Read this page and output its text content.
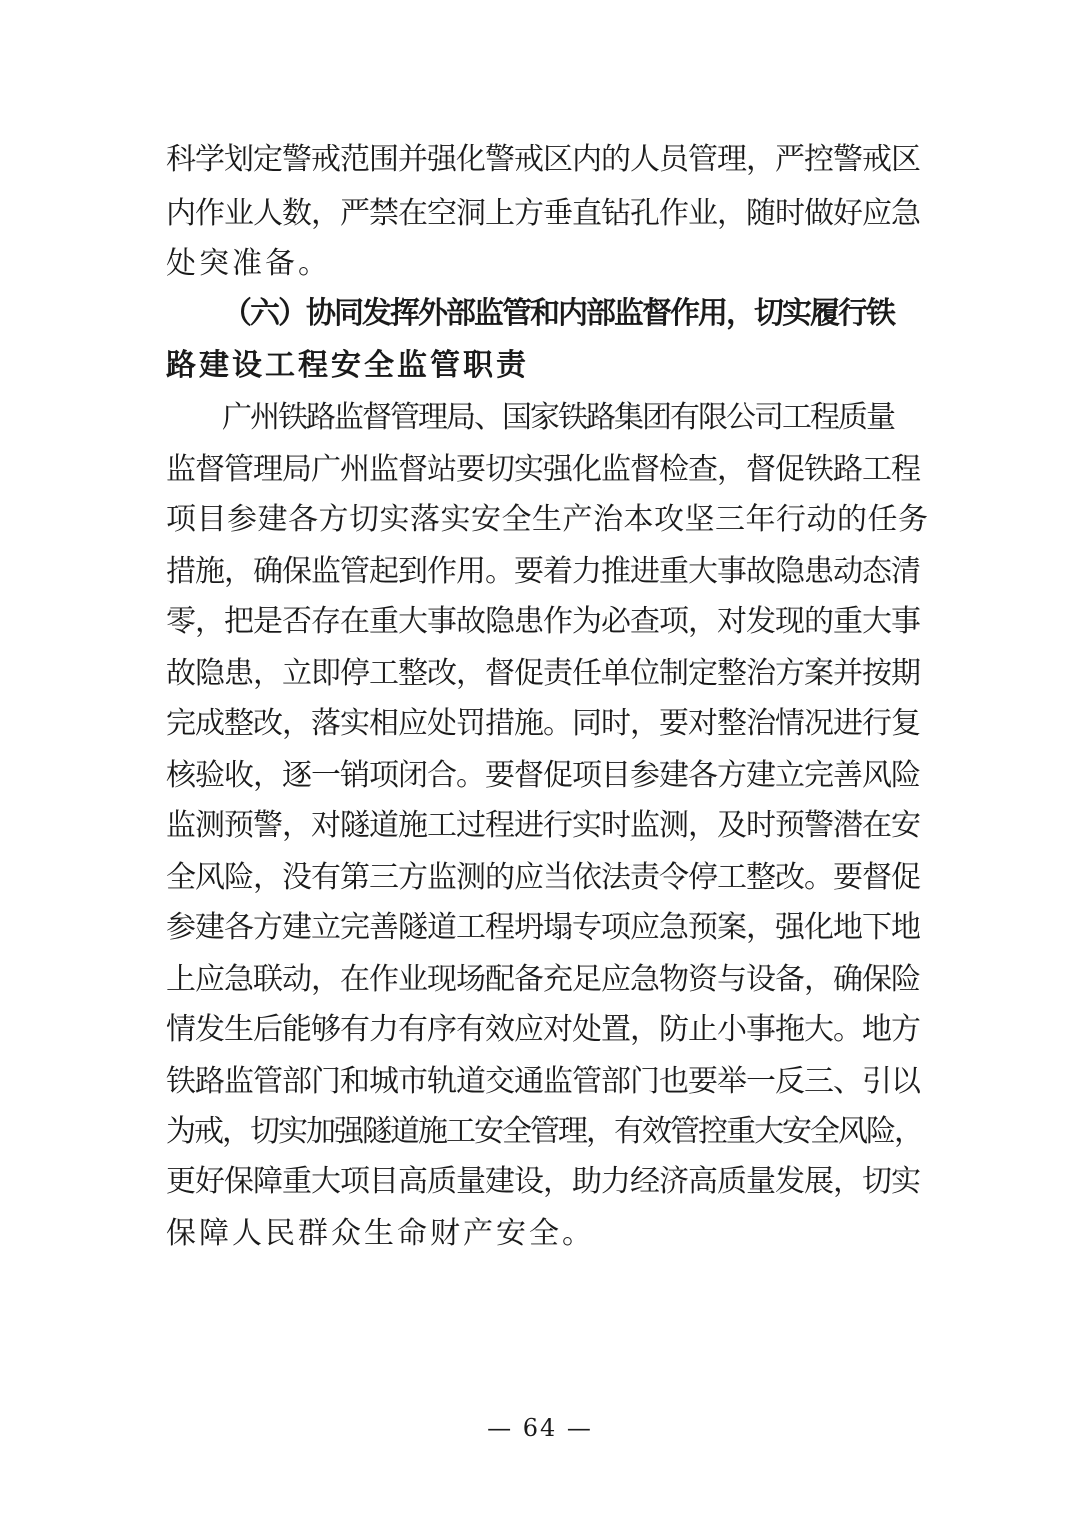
科学划定警戒范围并强化警戒区内的人员管理，严控警戒区
内作业人数，严禁在空洞上方垂直钻孔作业，随时做好应急
处突准备。
（六）协同发挥外部监管和内部监督作用，切实履行铁
路建设工程安全监管职责
广州铁路监督管理局、国家铁路集团有限公司工程质量
监督管理局广州监督站要切实强化监督检查，督促铁路工程
项目参建各方切实落实安全生产治本攻坚三年行动的任务
措施，确保监管起到作用。要着力推进重大事故隐患动态清
零，把是否存在重大事故隐患作为必查项，对发现的重大事
故隐患，立即停工整改，督促责任单位制定整治方案并按期
完成整改，落实相应处罚措施。同时，要对整治情况进行复
核验收，逐一销项闭合。要督促项目参建各方建立完善风险
监测预警，对隧道施工过程进行实时监测，及时预警潜在安
全风险，没有第三方监测的应当依法责令停工整改。要督促
参建各方建立完善隧道工程坍塌专项应急预案，强化地下地
上应急联动，在作业现场配备充足应急物资与设备，确保险
情发生后能够有力有序有效应对处置，防止小事拖大。地方
铁路监管部门和城市轨道交通监管部门也要举一反三、引以
为戒，切实加强隧道施工安全管理，有效管控重大安全风险，
更好保障重大项目高质量建设，助力经济高质量发展，切实
保障人民群众生命财产安全。
— 64 —
